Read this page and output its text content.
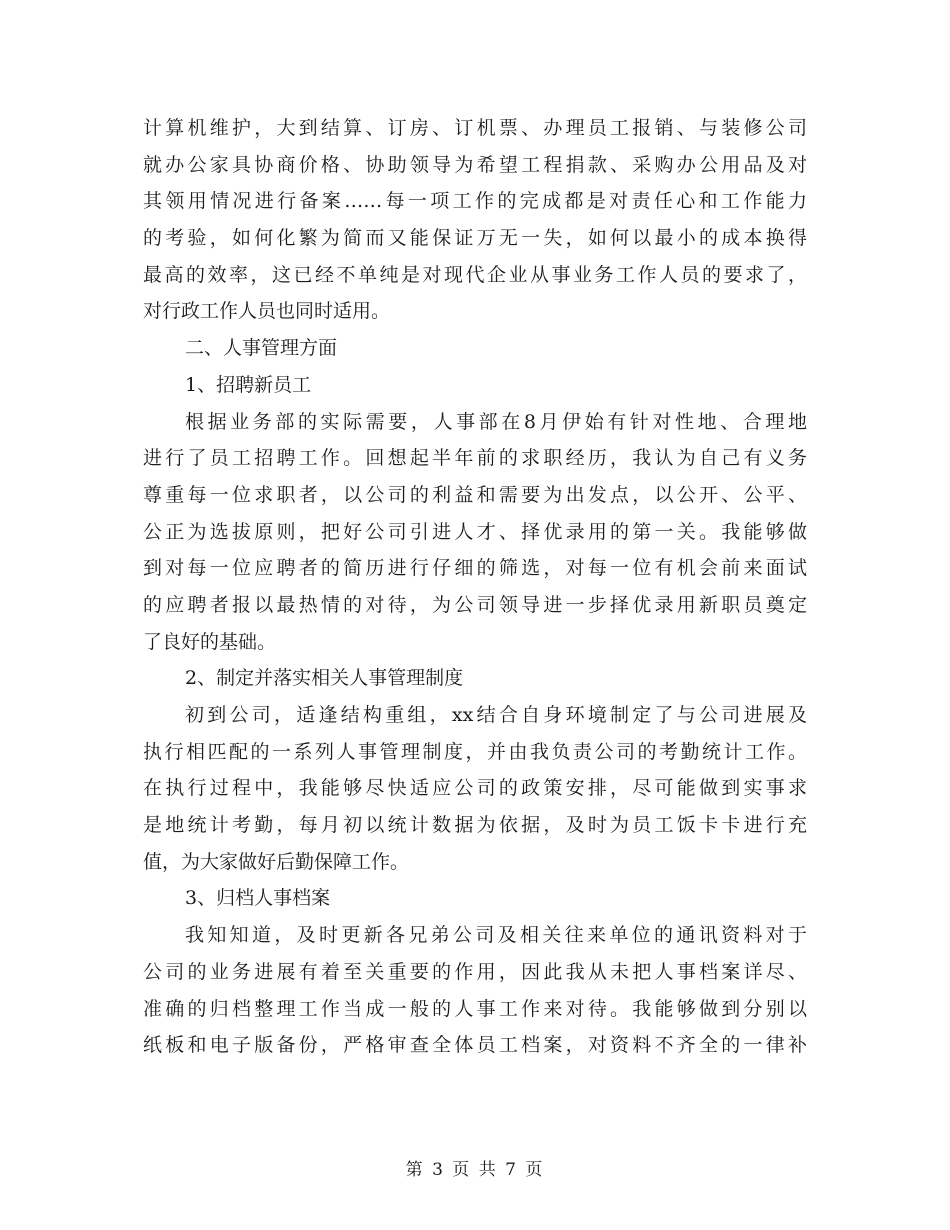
计算机维护，大到结算、订房、订机票、办理员工报销、与装修公司
就办公家具协商价格、协助领导为希望工程捐款、采购办公用品及对
其领用情况进行备案……每一项工作的完成都是对责任心和工作能力
的考验，如何化繁为简而又能保证万无一失，如何以最小的成本换得
最高的效率，这已经不单纯是对现代企业从事业务工作人员的要求了，
对行政工作人员也同时适用。
二、人事管理方面
1、招聘新员工
根据业务部的实际需要，人事部在8月伊始有针对性地、合理地
进行了员工招聘工作。回想起半年前的求职经历，我认为自己有义务
尊重每一位求职者，以公司的利益和需要为出发点，以公开、公平、
公正为选拔原则，把好公司引进人才、择优录用的第一关。我能够做
到对每一位应聘者的简历进行仔细的筛选，对每一位有机会前来面试
的应聘者报以最热情的对待，为公司领导进一步择优录用新职员奠定
了良好的基础。
2、制定并落实相关人事管理制度
初到公司，适逢结构重组，xx结合自身环境制定了与公司进展及
执行相匹配的一系列人事管理制度，并由我负责公司的考勤统计工作。
在执行过程中，我能够尽快适应公司的政策安排，尽可能做到实事求
是地统计考勤，每月初以统计数据为依据，及时为员工饭卡卡进行充
值，为大家做好后勤保障工作。
3、归档人事档案
我知知道，及时更新各兄弟公司及相关往来单位的通讯资料对于
公司的业务进展有着至关重要的作用，因此我从未把人事档案详尽、
准确的归档整理工作当成一般的人事工作来对待。我能够做到分别以
纸板和电子版备份，严格审查全体员工档案，对资料不齐全的一律补
第 3 页 共 7 页
